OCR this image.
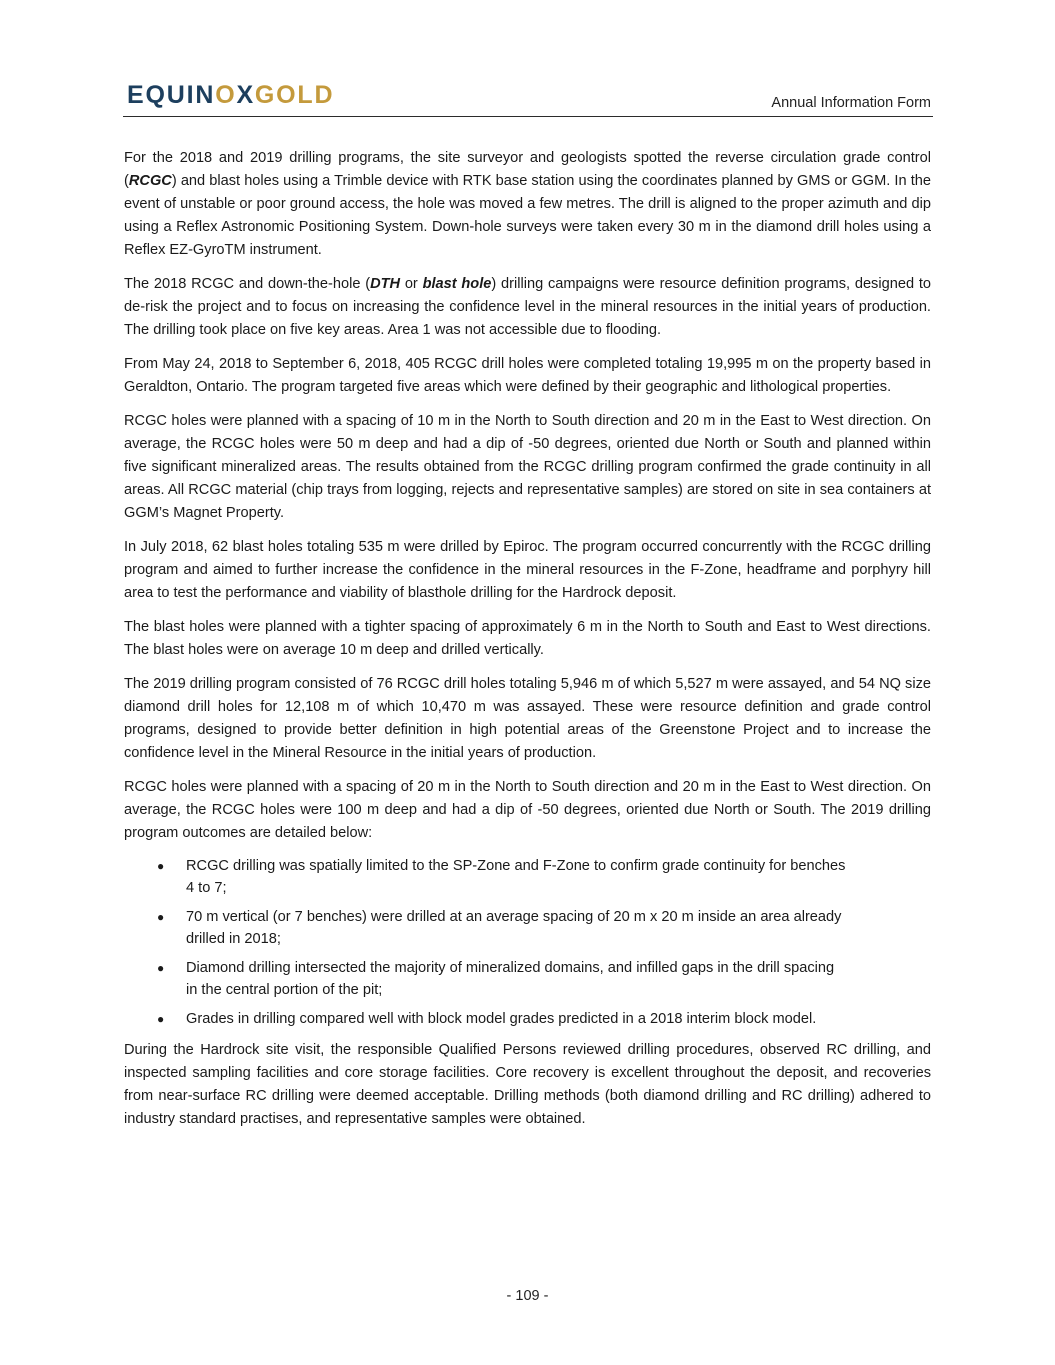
EQUINOXGOLD	Annual Information Form

For the 2018 and 2019 drilling programs, the site surveyor and geologists spotted the reverse circulation grade control (RCGC) and blast holes using a Trimble device with RTK base station using the coordinates planned by GMS or GGM. In the event of unstable or poor ground access, the hole was moved a few metres. The drill is aligned to the proper azimuth and dip using a Reflex Astronomic Positioning System. Down-hole surveys were taken every 30 m in the diamond drill holes using a Reflex EZ-GyroTM instrument.

The 2018 RCGC and down-the-hole (DTH or blast hole) drilling campaigns were resource definition programs, designed to de-risk the project and to focus on increasing the confidence level in the mineral resources in the initial years of production. The drilling took place on five key areas. Area 1 was not accessible due to flooding.

From May 24, 2018 to September 6, 2018, 405 RCGC drill holes were completed totaling 19,995 m on the property based in Geraldton, Ontario. The program targeted five areas which were defined by their geographic and lithological properties.

RCGC holes were planned with a spacing of 10 m in the North to South direction and 20 m in the East to West direction. On average, the RCGC holes were 50 m deep and had a dip of -50 degrees, oriented due North or South and planned within five significant mineralized areas. The results obtained from the RCGC drilling program confirmed the grade continuity in all areas. All RCGC material (chip trays from logging, rejects and representative samples) are stored on site in sea containers at GGM’s Magnet Property.

In July 2018, 62 blast holes totaling 535 m were drilled by Epiroc. The program occurred concurrently with the RCGC drilling program and aimed to further increase the confidence in the mineral resources in the F-Zone, headframe and porphyry hill area to test the performance and viability of blasthole drilling for the Hardrock deposit.

The blast holes were planned with a tighter spacing of approximately 6 m in the North to South and East to West directions. The blast holes were on average 10 m deep and drilled vertically.

The 2019 drilling program consisted of 76 RCGC drill holes totaling 5,946 m of which 5,527 m were assayed, and 54 NQ size diamond drill holes for 12,108 m of which 10,470 m was assayed. These were resource definition and grade control programs, designed to provide better definition in high potential areas of the Greenstone Project and to increase the confidence level in the Mineral Resource in the initial years of production.

RCGC holes were planned with a spacing of 20 m in the North to South direction and 20 m in the East to West direction. On average, the RCGC holes were 100 m deep and had a dip of -50 degrees, oriented due North or South. The 2019 drilling program outcomes are detailed below:

● RCGC drilling was spatially limited to the SP-Zone and F-Zone to confirm grade continuity for benches
4 to 7;
● 70 m vertical (or 7 benches) were drilled at an average spacing of 20 m x 20 m inside an area already
drilled in 2018;
● Diamond drilling intersected the majority of mineralized domains, and infilled gaps in the drill spacing
in the central portion of the pit;
● Grades in drilling compared well with block model grades predicted in a 2018 interim block model.

During the Hardrock site visit, the responsible Qualified Persons reviewed drilling procedures, observed RC drilling, and inspected sampling facilities and core storage facilities. Core recovery is excellent throughout the deposit, and recoveries from near-surface RC drilling were deemed acceptable. Drilling methods (both diamond drilling and RC drilling) adhered to industry standard practises, and representative samples were obtained.

- 109 -
